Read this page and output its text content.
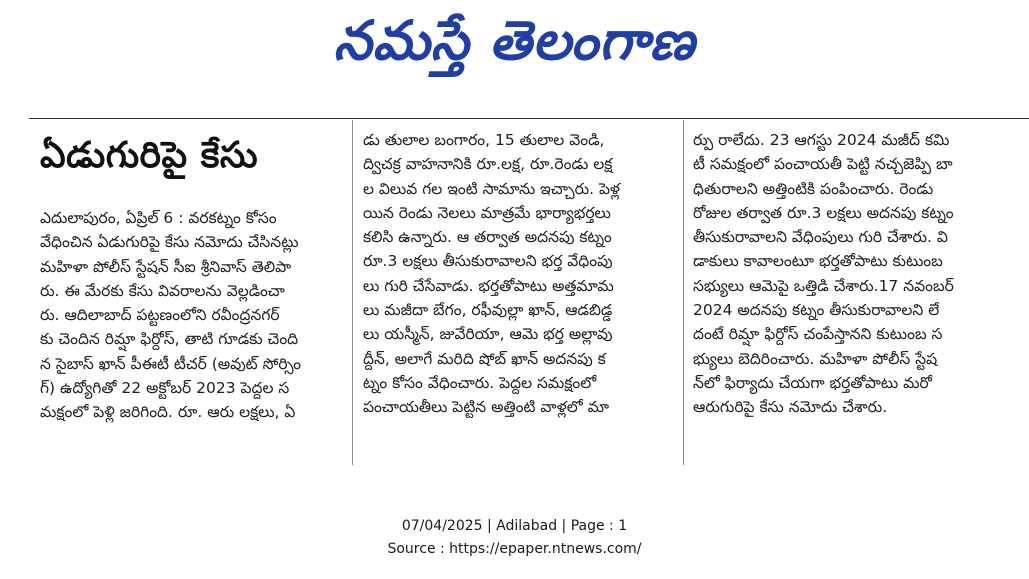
నమస్తే తెలంగాణ
ఏడుగురిపై కేసు

ఎదులాపురం, ఏప్రిల్ 6 : వరకట్నం కోసం

వేధించిన ఏడుగురిపై కేసు నమోదు చేసినట్లు

మహిళా పోలీస్ స్టేషన్ సీఐ శ్రీనివాస్ తెలిపా

రు. ఈ మేరకు కేసు వివరాలను వెల్లడించా

రు. ఆదిలాబాద్ పట్టణంలోని రవీంద్రనగర్

కు చెందిన రిమ్షా ఫిర్దోస్, తాటి గూడకు చెంది

న సైబాస్ ఖాన్ పీఈటీ టీచర్ (అవుట్ సోర్సిం

గ్) ఉద్యోగితో 22 అక్టోబర్ 2023 పెద్దల స

మక్షంలో పెళ్లి జరిగింది. రూ. ఆరు లక్షలు, ఏ

డు తులాల బంగారం, 15 తులాల వెండి,

ద్విచక్ర వాహనానికి రూ.లక్ష, రూ.రెండు లక్ష

ల విలువ గల ఇంటి సామాను ఇచ్చారు. పెళ్ల

యిన రెండు నెలలు మాత్రమే భార్యాభర్తలు

కలిసి ఉన్నారు. ఆ తర్వాత అదనపు కట్నం

రూ.3 లక్షలు తీసుకురావాలని భర్త వేధింపు

లు గురి చేసేవాడు. భర్తతోపాటు అత్తమామ

లు మజీదా బేగం, రఫీవుల్లా ఖాన్, ఆడబిడ్డ

లు యస్మీన్, జువేరియా, ఆమె భర్త అల్లావు

ద్దీన్, అలాగే మరిది షోబ్ ఖాన్ అదనపు క

ట్నం కోసం వేధించారు. పెద్దల సమక్షంలో

పంచాయతీలు పెట్టిన అత్తింటి వాళ్లలో మా

ర్పు రాలేదు. 23 ఆగస్టు 2024 మజీద్ కమి

టీ సమక్షంలో పంచాయతీ పెట్టి నచ్చజెప్పి బా

ధితురాలని అత్తింటికి పంపించారు. రెండు

రోజుల తర్వాత రూ.3 లక్షలు అదనపు కట్నం

తీసుకురావాలని వేధింపులు గురి చేశారు. వి

డాకులు కావాలంటూ భర్తతోపాటు కుటుంబ

సభ్యులు ఆమెపై ఒత్తిడి చేశారు.17 నవంబర్

2024 అదనపు కట్నం తీసుకురావాలని లే

దంటే రిమ్షా ఫిర్దోస్ చంపేస్తానని కుటుంబ స

భ్యులు బెదిరించారు. మహిళా పోలీస్ స్టేష

న్‌లో ఫిర్యాదు చేయగా భర్తతోపాటు మరో

ఆరుగురిపై కేసు నమోదు చేశారు.

07/04/2025 | Adilabad | Page : 1
Source : https://epaper.ntnews.com/
